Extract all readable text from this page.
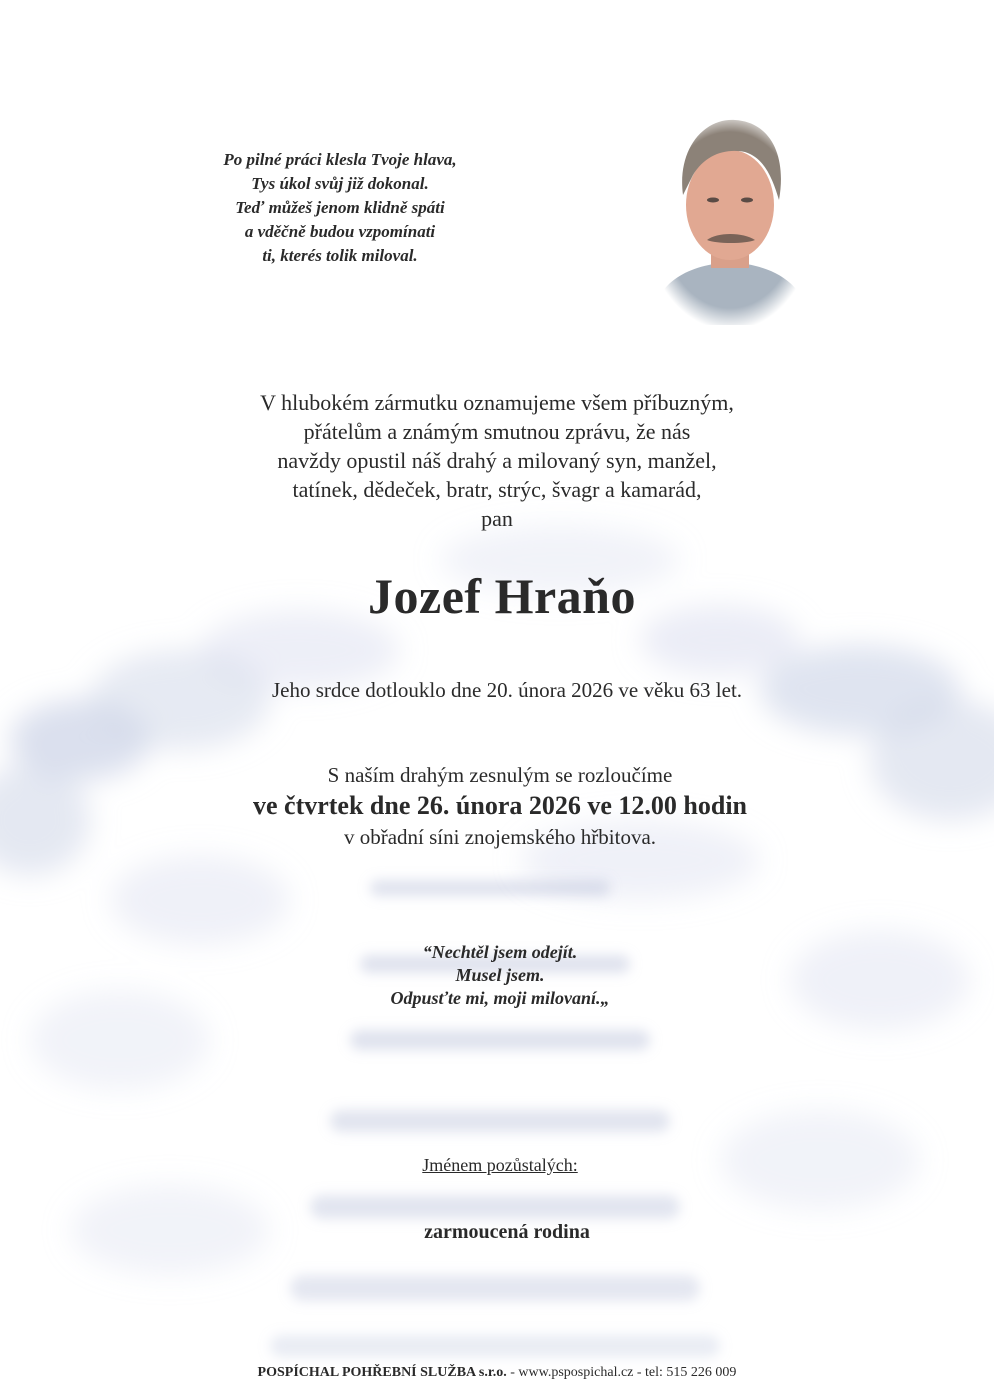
Po pilné práci klesla Tvoje hlava,
Tys úkol svůj již dokonal.
Teď můžeš jenom klidně spáti
a vděčně budou vzpomínati
ti, kterés tolik miloval.
V hlubokém zármutku oznamujeme všem příbuzným,
přátelům a známým smutnou zprávu, že nás
navždy opustil náš drahý a milovaný syn, manžel,
tatínek, dědeček, bratr, strýc, švagr a kamarád,
pan
Jozef Hraňo
Jeho srdce dotlouklo dne 20. února 2026 ve věku 63 let.
S naším drahým zesnulým se rozloučíme
ve čtvrtek dne 26. února 2026 ve 12.00 hodin
v obřadní síni znojemského hřbitova.
“Nechtěl jsem odejít.
Musel jsem.
Odpusťte mi, moji milovaní.„
Jménem pozůstalých:
zarmoucená rodina
POSPÍCHAL POHŘEBNÍ SLUŽBA s.r.o. - www.pspospichal.cz - tel: 515 226 009
